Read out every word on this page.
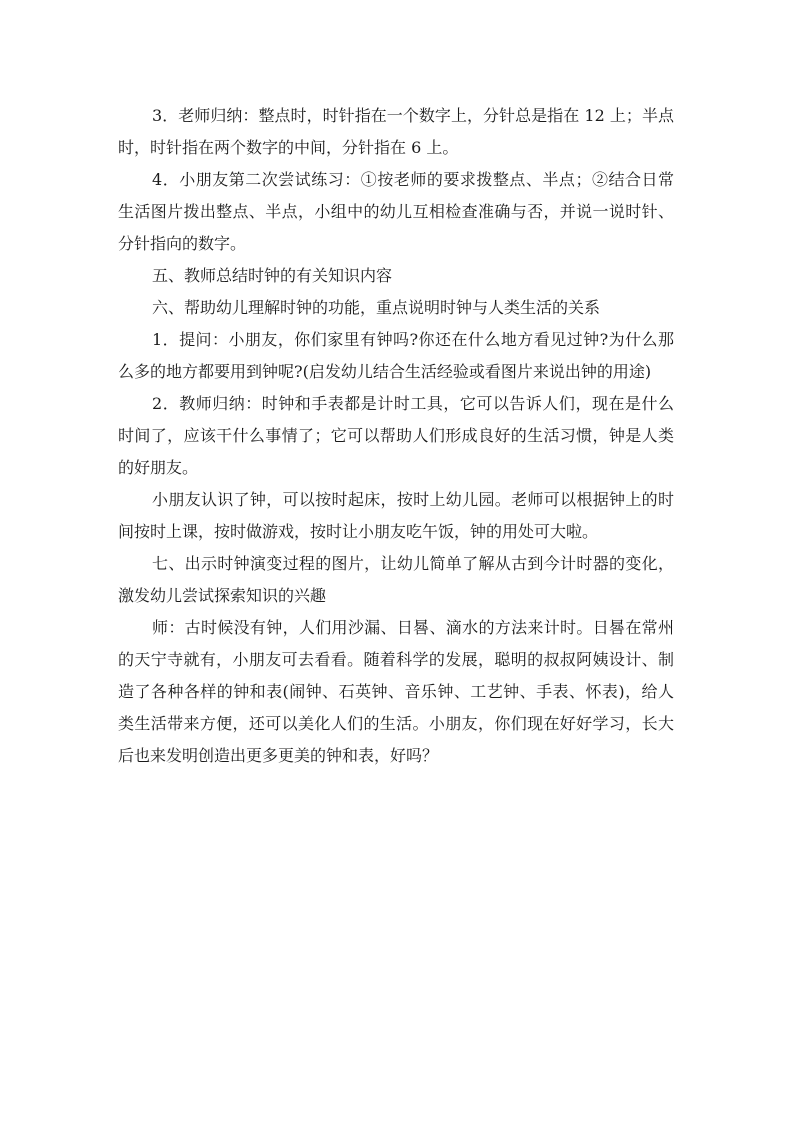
3．老师归纳：整点时，时针指在一个数字上，分针总是指在 12 上；半点时，时针指在两个数字的中间，分针指在 6 上。

4．小朋友第二次尝试练习：①按老师的要求拨整点、半点；②结合日常生活图片拨出整点、半点，小组中的幼儿互相检查准确与否，并说一说时针、分针指向的数字。

五、教师总结时钟的有关知识内容

六、帮助幼儿理解时钟的功能，重点说明时钟与人类生活的关系

1．提问：小朋友，你们家里有钟吗?你还在什么地方看见过钟?为什么那么多的地方都要用到钟呢?(启发幼儿结合生活经验或看图片来说出钟的用途)

2．教师归纳：时钟和手表都是计时工具，它可以告诉人们，现在是什么时间了，应该干什么事情了；它可以帮助人们形成良好的生活习惯，钟是人类的好朋友。

小朋友认识了钟，可以按时起床，按时上幼儿园。老师可以根据钟上的时间按时上课，按时做游戏，按时让小朋友吃午饭，钟的用处可大啦。

七、出示时钟演变过程的图片，让幼儿简单了解从古到今计时器的变化，激发幼儿尝试探索知识的兴趣

师：古时候没有钟，人们用沙漏、日晷、滴水的方法来计时。日晷在常州的天宁寺就有，小朋友可去看看。随着科学的发展，聪明的叔叔阿姨设计、制造了各种各样的钟和表(闹钟、石英钟、音乐钟、工艺钟、手表、怀表)，给人类生活带来方便，还可以美化人们的生活。小朋友，你们现在好好学习，长大后也来发明创造出更多更美的钟和表，好吗？
